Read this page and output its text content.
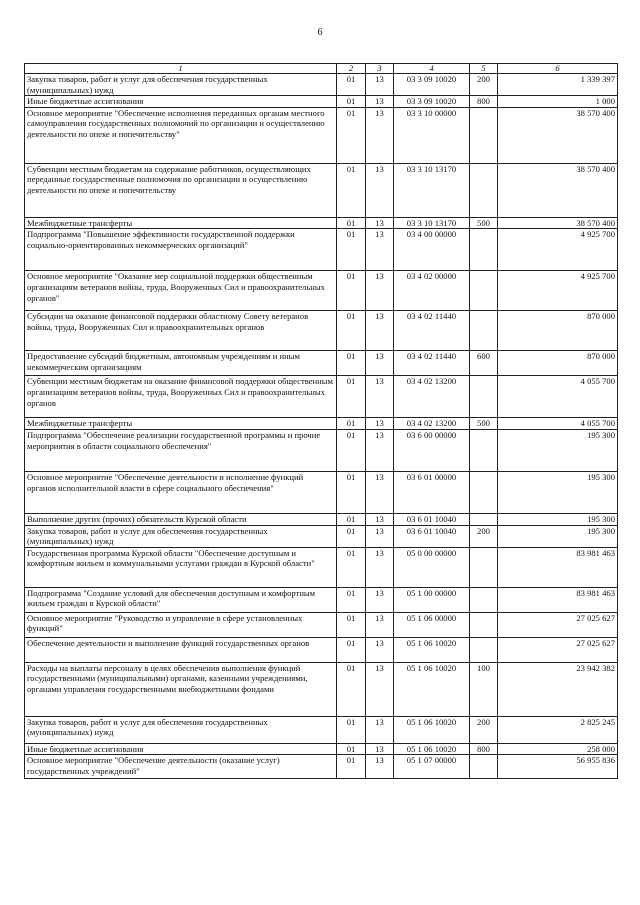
6
1	2	3	4	5	6
Закупка товаров, работ и услуг для обеспечения государственных (муниципальных) нужд	01	13	03 3 09 10020	200	1 339 397
Иные бюджетные ассигнования	01	13	03 3 09 10020	800	1 000
Основное мероприятие "Обеспечение исполнения переданных органам местного самоуправления государственных полномочий по организации и осуществлению деятельности по опеке и попечительству"	01	13	03 3 10 00000		38 570 400
Субвенции местным бюджетам на содержание работников, осуществляющих переданные государственные полномочия по организации и осуществлению деятельности по опеке и попечительству	01	13	03 3 10 13170		38 570 400
Межбюджетные трансферты	01	13	03 3 10 13170	500	38 570 400
Подпрограмма "Повышение эффективности государственной поддержки социально-ориентированных некоммерческих организаций"	01	13	03 4 00 00000		4 925 700
Основное мероприятие "Оказание мер социальной поддержки общественным организациям ветеранов войны, труда, Вооруженных Сил и правоохранительных органов"	01	13	03 4 02 00000		4 925 700
Субсидии на оказание финансовой поддержки областному Совету ветеранов войны, труда, Вооруженных Сил и правоохранительных органов	01	13	03 4 02 11440		870 000
Предоставление субсидий бюджетным, автономным учреждениям и иным некоммерческим организациям	01	13	03 4 02 11440	600	870 000
Субвенции местным бюджетам на оказание финансовой поддержки общественным организациям ветеранов войны, труда, Вооруженных Сил и правоохранительных органов	01	13	03 4 02 13200		4 055 700
Межбюджетные трансферты	01	13	03 4 02 13200	500	4 055 700
Подпрограмма "Обеспечение реализации государственной программы и прочие мероприятия в области социального обеспечения"	01	13	03 6 00 00000		195 300
Основное мероприятие "Обеспечение деятельности и исполнение функций органов исполнительной власти в сфере социального обеспечения"	01	13	03 6 01 00000		195 300
Выполнение других (прочих) обязательств Курской области	01	13	03 6 01 10040		195 300
Закупка товаров, работ и услуг для обеспечения государственных (муниципальных) нужд	01	13	03 6 01 10040	200	195 300
Государственная программа Курской области "Обеспечение доступным и комфортным жильем и коммунальными услугами граждан в Курской области"	01	13	05 0 00 00000		83 981 463
Подпрограмма "Создание условий для обеспечения доступным и комфортным жильем граждан в Курской области"	01	13	05 1 00 00000		83 981 463
Основное мероприятие "Руководство и управление в сфере установленных функций"	01	13	05 1 06 00000		27 025 627
Обеспечение деятельности и выполнение функций государственных органов	01	13	05 1 06 10020		27 025 627
Расходы на выплаты персоналу в целях обеспечения выполнения функций государственными (муниципальными) органами, казенными учреждениями, органами управления государственными внебюджетными фондами	01	13	05 1 06 10020	100	23 942 382
Закупка товаров, работ и услуг для обеспечения государственных (муниципальных) нужд	01	13	05 1 06 10020	200	2 825 245
Иные бюджетные ассигнования	01	13	05 1 06 10020	800	258 000
Основное мероприятие "Обеспечение деятельности (оказание услуг) государственных учреждений"	01	13	05 1 07 00000		56 955 836
